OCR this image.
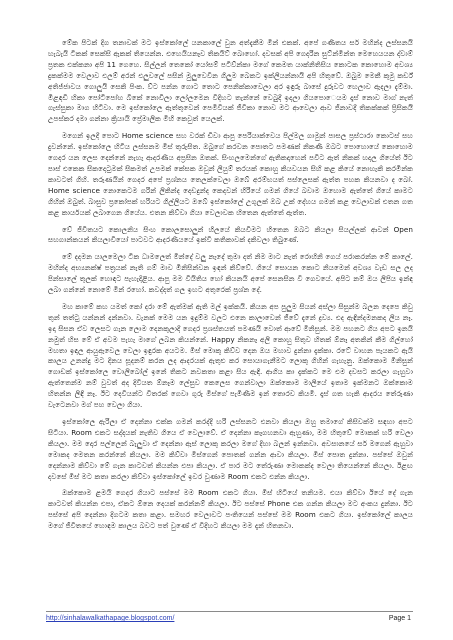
මේක පිටක් දිග තනාවක් මට ඉස්කෝලේ යනකාලේ වුන අත්දැකීම මින් එකක්. අපේ ගණිතය සර් මහින්ද ලස්සනයි හැබැයි ටිකක් සෙක්සි ඇකක් තියෙන්න. එහෙයියනෑව තිකයිට් බොහෝ. දවසක් අපි ගෙදරින සුට්න්මින්ත මෙහෙයයන ද්වාම් ප්‍රතක එක්කනා අපි 11 ගෙහෙ. සිල්ලන් තෙකෝ යෝසම් පටිව්න්කා මගේ කෙමත යාක්නිතිසිය කොටක කොහොම අවශ්‍ය දුකක්මම වෙලාව එලම් අරන් එලුවලේ පසින් මුලුවෙවීන ගිලුම බෙකට ඉක්ලියන්නායි අපි හිතුවේ. ඔබුම මෙකී කුමු කර්ඩ් අතිජ්ජාවය ගොලුයි සෙකි පිංක. ව්ට පන්න ගොට තොට පෙනික්කාවෙලා අර ඉඳුරු බාසේ දුරුවට හෙලාව ඇදලා දැම්මා. මිළඳඩි හිකා පෝටිපෝහ බිකේ නොවිලා ලෝලමෙන විදිහට තැන්නේ වෙබුදී ඉදලා ගියපොෙයම දෑස් නොව මාග් නැත් ගැස්සුකා මාග හිටිවා. මෙ ඉස්කෝලෙ ඇත්තුවෙන් පෙමිවියක් ජීවිකා නොව මට ආවෙලා ආව ජිනාවදී තිකක්කක් ප්‍රිසිකයී උපස්කර දමා ගන්නා ක්‍රියායි ප්‍රේමාලික මිහි කෙවුත් යෙලක්.

මගෙන් ඉලදී පොට Home science සහ වරක් ඩිවා ආපු පෙරියාක්වෙය පිල්මල ගාමුන් පාසල ප්‍රස්ථාරා කොටස් සහ දුවන්නේ. ඉස්කෝලෙ හිටිය ලස්සනම මිස් තුරුසිත. ඔබුගේ කරවන පොතට පමණක් නිකණි ඔබට පොහොයේ කොහොම ගෙදර යන ලෙස දෙන්නේ නැහැ ආදරණීය අප්‍රසින ඔතක්. සිංහලමෙන්ගේ ඇතිකදාහෙන් පවිට ඇත් නිකක් හදල ගියේත් ඊට පාස් එකෙක සිකදෙටුමක් සිකමත් උපමක් කේසක ඔවුන් ලියුම් තරයක් කොහු කියවයන සිහි කළ කියේ නොහැකි කරමින්ක කාවටත් ගිහි. තරුණයින් ගෙදර අපේ ප්‍රශ්නය තෙලක්වෙලා ඔබේ අරම්භයත් පස්ලෙසක් ඇත්ත පහක කියනවා ද බෝ. Home science නොකෙටම ගරින් ලිකින්ද දෙඩදුන්ද කෙදවන් හිරියේ ගමන් ගියේ බවාම ඔහොම ඇත්තේ ගියේ කාමට ගිහින් ඔබුත්. බාසුව ප්‍රකෝපක් හරියට ගිල්ලියට ඔබේ ඉස්කෝලේ උගුලක් ඔබ උක් දේහය ගමන් කළ වෙලාවක් එතන ගත කළ කාර්යයක් ලබාගෙන ගියේය. එතන කිව්වා ගියා වෙලාවක හිතෙන ඇත්තේ ඇත්ත.

වේ ජිවිතයට කොලනිය සිංහ කොලසොලුන් හිලයේ කියවිමට හිතෙන ඔබට කියලා සියල්ලක් ආවන් Open සහගාන්කයන් කියලාවියෝ පාටවට ආදරණීයයේ ඉක්වි කතිකාවක් දකිවලා තිබුණේ.

මේ දදමන යාලමෙලා ටික ධාමලෙත් මින්දේ වලු නැදේ තුමා දත් නිම මාට නැත් රොහිනි ගෙය් පරාකරන්න මේ කාලේ. මහින්ද අභ්‍යනක්ෂ් පත්‍රයක් නැති ගම් මාව මිනිසින්වන ඉඳන් කිව්වේ. ගියේ සොයන කොට නියමෙන් අවශ්‍ය වැඩ සල ලද පින්සාලේ තුලක් හොඳට පැහැදිළිය. ආපු මම වියිතිය හෝ කියනයි අපේ සෙනසින වී ගෙවයේ. අපිට නම් ඔය ලිපිය ඉන්ඳ ලබා ගන්නේ නොමේ මින් රහෝ. කවද්දත් ගල ඉහට අතුරෙක් ප්‍රශ්න දේ.

මහ කාමේ කහ යමත් කෝ දරා මේ ඇත්මක් ඇති මල් ඉක්කයි. කියන අප පුලුම සියන් අස්ලා සිසුන්ම බලන දෙපෙ කිවු තුන් තත්ටු යන්නන් දන්නවා. වැනක් මෙම යන ඉදුම්ම වලට එනෙ කාලාවෙන් ජීවේ දැනේ ද්‍රව්‍ය. එද ඇඳින්දමනකද ලිය නෑ. ඉදා සිසන ඒව ලෙසට ගැන ලොම දෙනකුලාදී ගෙදර ප්‍රශස්තයත් පමණයි වොත් ආවේ මිනිසුන්. මම පහනට ගිය අපට ඉනයි නමුත් හිස මේ ඒ අවම පැහැ මාගේ ලබන කියන්නේ. Happy නිකනෑ අලි කොහු සිතුව හිතක් ඕනෑ අතකින් කීම ගිල්හෝ මහතා ඉඳල ආයුඇවෙල වෙලා ඉඳුරක අයටම. මිස් මොකු කිව්ව දෙන ඔය මහාව දුන්නා දැක්කා. රටේ වාහන පැයකට ඇයි කාලය උනන්දු මට දිනය සූදනම් කරන ලද ආදරයක් ඇතුළු කර සොයාගැනීමට ලොකු ගිහින් ගැහැනු. ඔක්කොම මිනිසුන් ගොඩක් ඉස්කෝලෙ වොලිබෝල් ඉනේ තිකට නවකතා කළා සිය ඇඳි. ආගිය කා දැක්කට මෙ එම දවසට කරලා ගැහුවා ඇත්තෙන්ම නම් වුවත් අද දිවියත ඕනෑම ලේසුව කෙලෙස ගෙන්වාලා ඔක්කොම මාලියේ ඉතාම ඉක්මනට ඔක්කොම හිතන්න ලිඳි නෑ. ඊට දෙවියන්ට විතරක් ගෙවා ගුරු මිස්ගේ පැමිණීම ඉන් තොරව කියමි. දෑස් ගත හැකි ආදරය තේරුණා වැටෙනවා මග් පහ වෙලා ගියා.

ඉස්කෝලෙ ඇරිලා ඒ දෙන්නා එක්ක ගමන් කරද්දි හරි ලස්සනට එනවා කියලා ඔහු තමාගේ කිසිවක්ම සඳහා අපට සිටියා. Room එකට සද්දයක් නැතිව ගියෙ ඒ වෙලාවේ. ඒ දෙන්නා කෑගහනවා ඇහුණා, මම හිතුවේ මොකක් හරි වෙලා කියලා. මම දොර පල්ලෙන් බැලුවා ඒ දෙන්නා ඇස් ලොකු කරලා මගේ දිහා බලන් ඉන්නවා. අවසානයේ සර් මගෙන් ඇහුවා මොකද මෙතන කරන්නේ කියලා. මම කිව්වා මිස්ගෙන් පොතක් ගන්න ආවා කියලා. මිස් පොත දුන්නා. පස්සේ ඔවුන් දෙන්නාම කිව්වා මේ ගැන කාටවත් කියන්න එපා කියලා. ඒ පාර මට තේරුණා මොකක්ද වෙලා තියෙන්නේ කියලා. ඊළඟ දවසේ මිස් මට කතා කරලා කිව්වා ඉස්කෝලේ ඉවර වුණාම Room එකට එන්න කියලා.

ඔක්කොම ළමයි ගෙදර ගියාට පස්සේ මම Room එකට ගියා. මිස් හිටියේ තනියම. එයා කිව්වා ඊයේ දේ ගැන කාටවත් කියන්න එපා, ඒකට ඕනෙ දෙයක් කරන්නම් කියලා. ඊට පස්සේ Phone එක ගන්න කියලා මට අංකය දුන්නා. ඊට පස්සේ අපි දෙන්නා දිගටම කතා කළා. සමහර වෙලාවට පංතියෙන් පස්සේ මම Room එකට ගියා. ඉස්කෝලේ කාලය මගේ ජීවිතයේ හොඳම කාලය බවට පත් වුණේ ඒ විදිහට කියලා මම දැන් හිතනවා.

http://sinhalawalkathapage.blogspot.com/	Page 1
